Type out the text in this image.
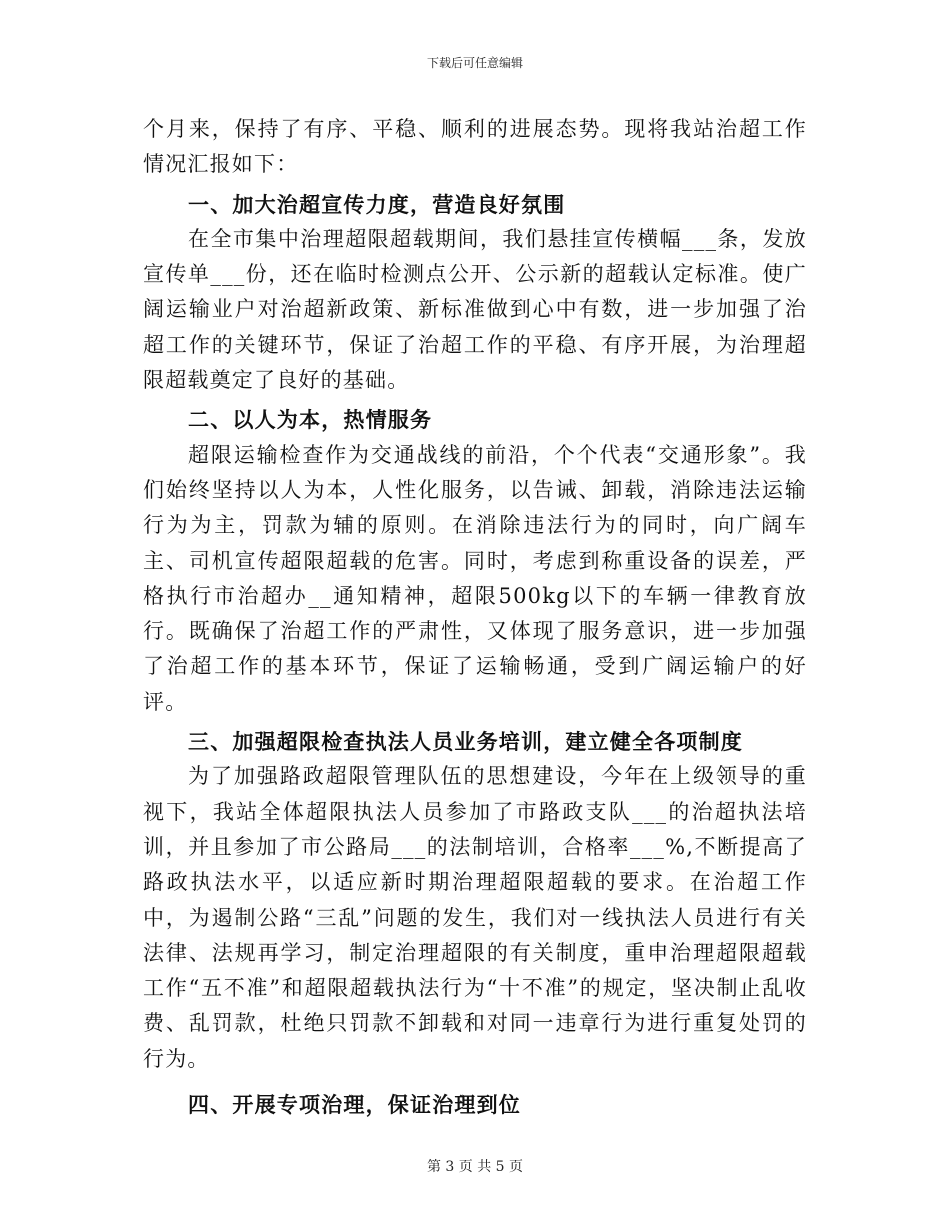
下载后可任意编辑

个月来，保持了有序、平稳、顺利的进展态势。现将我站治超工作情况汇报如下：

一、加大治超宣传力度，营造良好氛围

在全市集中治理超限超载期间，我们悬挂宣传横幅___条，发放宣传单___份，还在临时检测点公开、公示新的超载认定标准。使广阔运输业户对治超新政策、新标准做到心中有数，进一步加强了治超工作的关键环节，保证了治超工作的平稳、有序开展，为治理超限超载奠定了良好的基础。

二、以人为本，热情服务

超限运输检查作为交通战线的前沿，个个代表“交通形象”。我们始终坚持以人为本，人性化服务，以告诫、卸载，消除违法运输行为为主，罚款为辅的原则。在消除违法行为的同时，向广阔车主、司机宣传超限超载的危害。同时，考虑到称重设备的误差，严格执行市治超办__通知精神，超限500kg以下的车辆一律教育放行。既确保了治超工作的严肃性，又体现了服务意识，进一步加强了治超工作的基本环节，保证了运输畅通，受到广阔运输户的好评。

三、加强超限检查执法人员业务培训，建立健全各项制度

为了加强路政超限管理队伍的思想建设，今年在上级领导的重视下，我站全体超限执法人员参加了市路政支队___的治超执法培训，并且参加了市公路局___的法制培训，合格率___%,不断提高了路政执法水平，以适应新时期治理超限超载的要求。在治超工作中，为遏制公路“三乱”问题的发生，我们对一线执法人员进行有关法律、法规再学习，制定治理超限的有关制度，重申治理超限超载工作“五不准”和超限超载执法行为“十不准”的规定，坚决制止乱收费、乱罚款，杜绝只罚款不卸载和对同一违章行为进行重复处罚的行为。

四、开展专项治理，保证治理到位

第 3 页 共 5 页
